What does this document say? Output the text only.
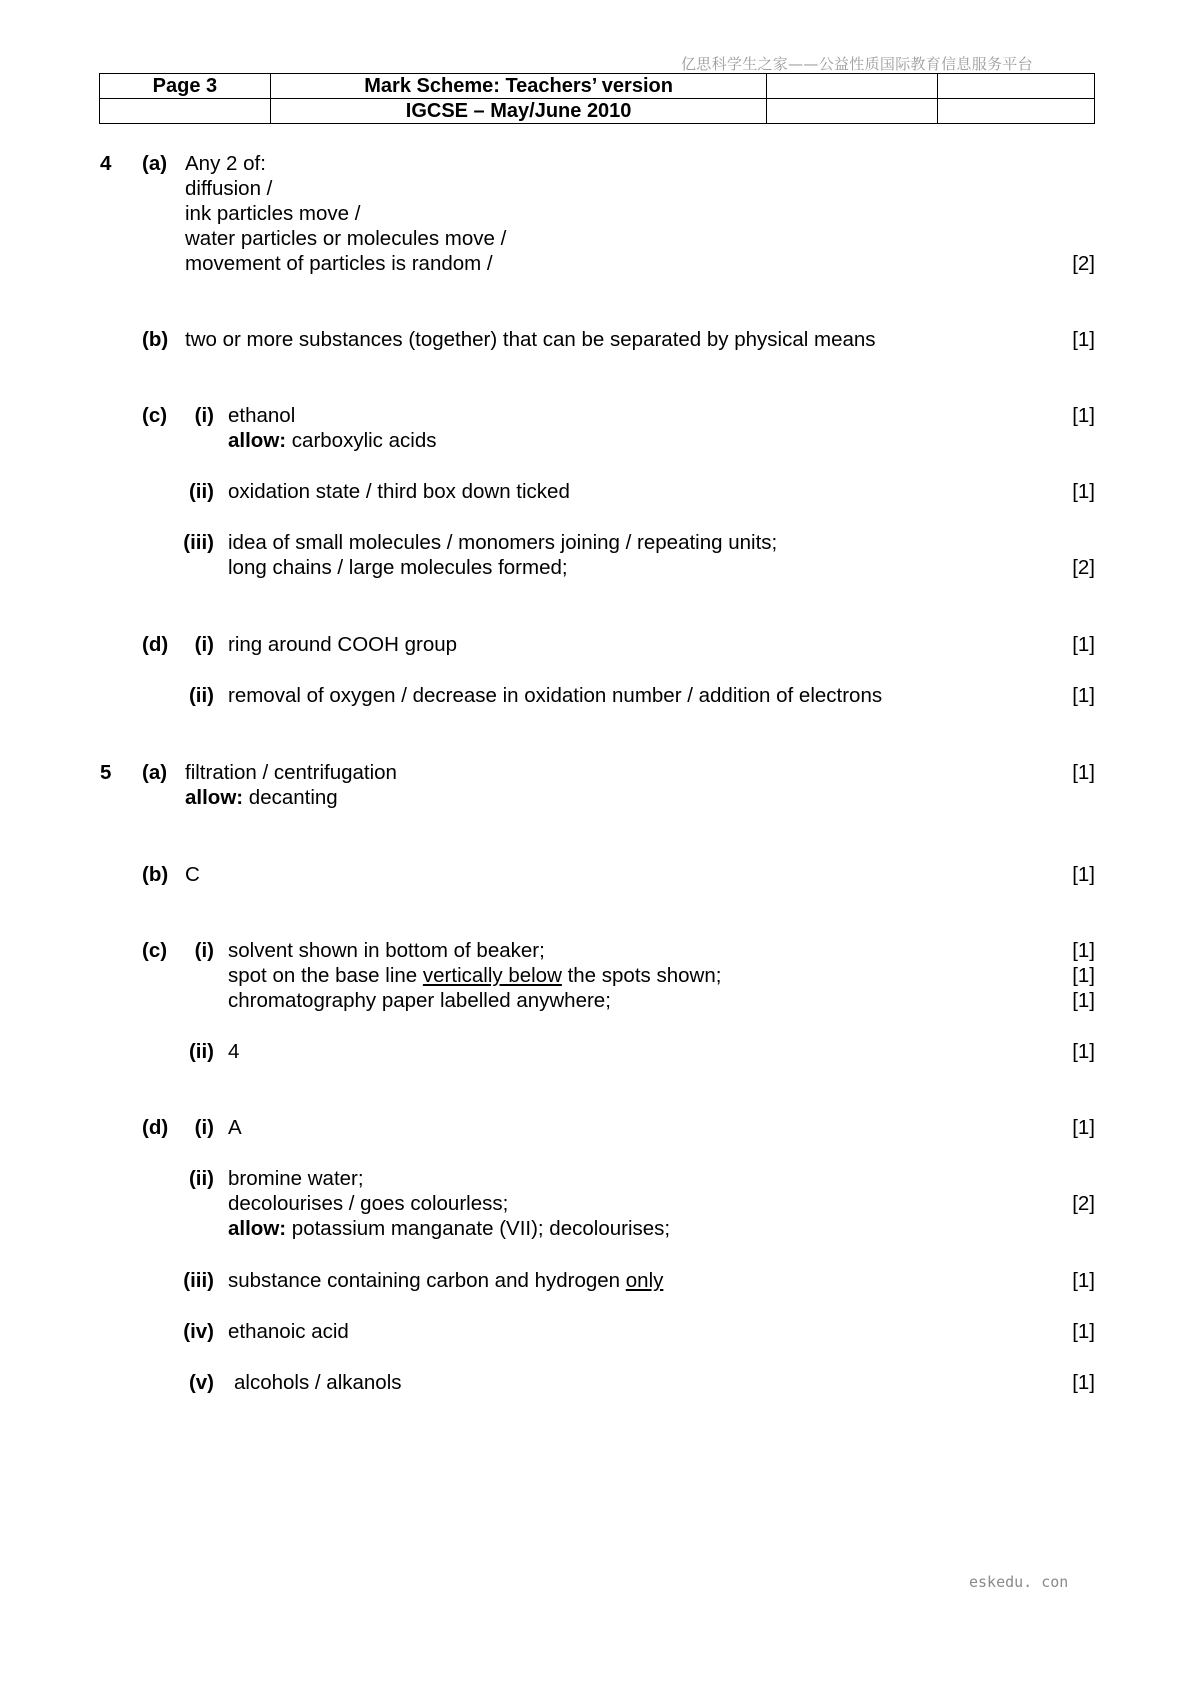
亿思科学生之家——公益性质国际教育信息服务平台
Page 3	Mark Scheme: Teachers’ version		
	IGCSE – May/June 2010		
4 (a) Any 2 of:
diffusion /
ink particles move /
water particles or molecules move /
movement of particles is random /	[2]
(b) two or more substances (together) that can be separated by physical means	[1]
(c)	(i) ethanol	[1]
allow: carboxylic acids
(ii) oxidation state / third box down ticked	[1]
(iii) idea of small molecules / monomers joining / repeating units;
long chains / large molecules formed;	[2]
(d)	(i) ring around COOH group	[1]
(ii) removal of oxygen / decrease in oxidation number / addition of electrons	[1]
5 (a) filtration / centrifugation	[1]
allow: decanting
(b) C	[1]
(c)	(i) solvent shown in bottom of beaker;	[1]
spot on the base line vertically below the spots shown;	[1]
chromatography paper labelled anywhere;	[1]
(ii) 4	[1]
(d)	(i) A	[1]
(ii) bromine water;
decolourises / goes colourless;	[2]
allow: potassium manganate (VII); decolourises;
(iii) substance containing carbon and hydrogen only	[1]
(iv) ethanoic acid	[1]
(v) alcohols / alkanols	[1]
eskedu. con
